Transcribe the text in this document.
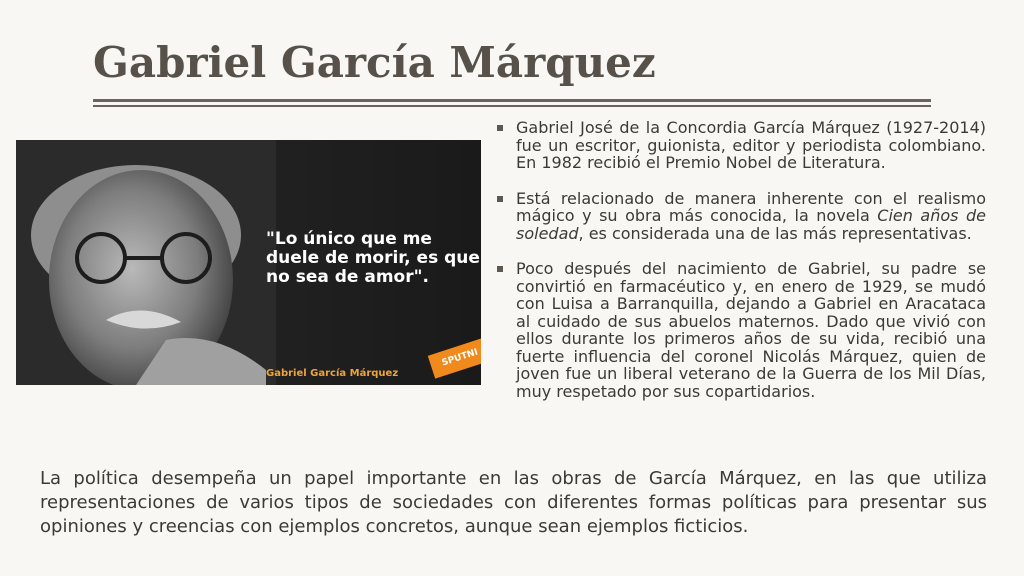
Gabriel García Márquez
"Lo único que me duele de morir, es que no sea de amor".
Gabriel García Márquez
SPUTNI
Gabriel José de la Concordia García Márquez (1927-2014) fue un escritor, guionista, editor y periodista colombiano. En 1982 recibió el Premio Nobel de Literatura.
Está relacionado de manera inherente con el realismo mágico y su obra más conocida, la novela Cien años de soledad, es considerada una de las más representativas.
Poco después del nacimiento de Gabriel, su padre se convirtió en farmacéutico y, en enero de 1929, se mudó con Luisa a Barranquilla, dejando a Gabriel en Aracataca al cuidado de sus abuelos maternos. Dado que vivió con ellos durante los primeros años de su vida, recibió una fuerte influencia del coronel Nicolás Márquez, quien de joven fue un liberal veterano de la Guerra de los Mil Días, muy respetado por sus copartidarios.

La política desempeña un papel importante en las obras de García Márquez, en las que utiliza representaciones de varios tipos de sociedades con diferentes formas políticas para presentar sus opiniones y creencias con ejemplos concretos, aunque sean ejemplos ficticios.
